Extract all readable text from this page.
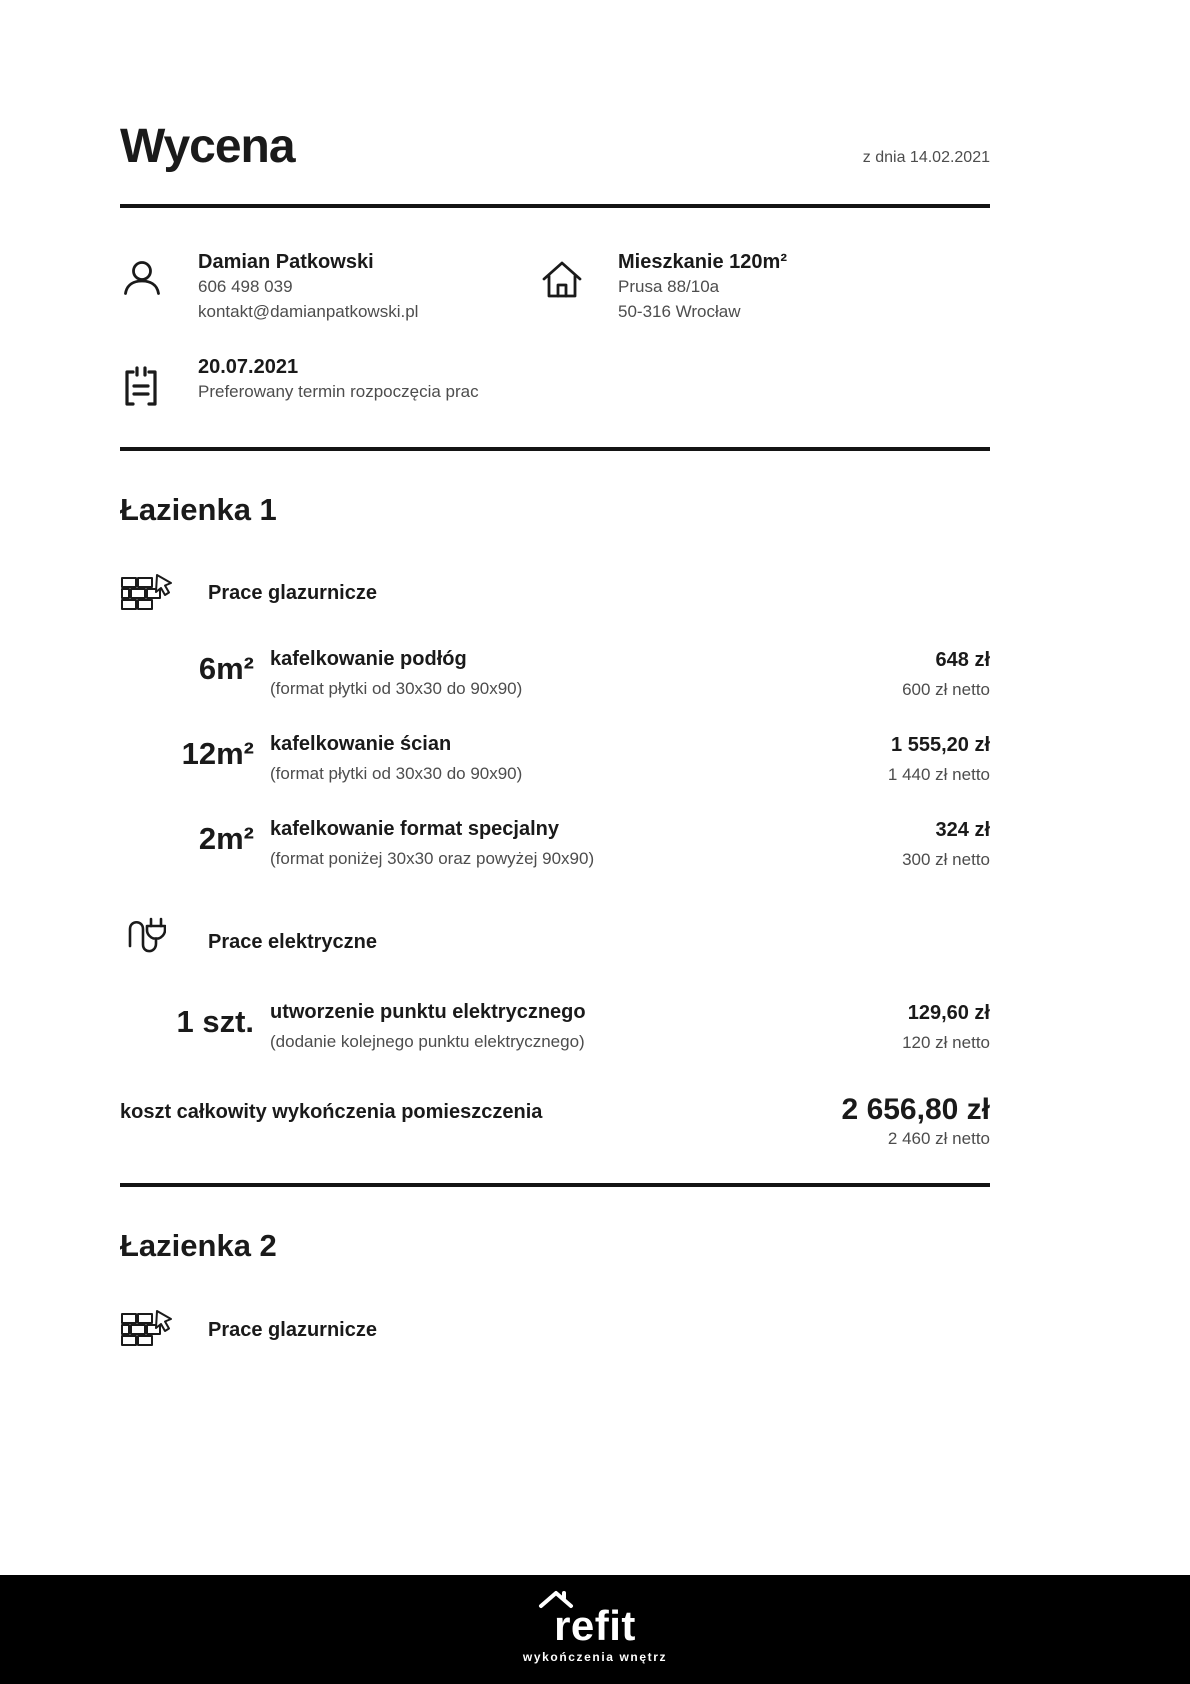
Wycena	z dnia 14.02.2021
Damian Patkowski
606 498 039
kontakt@damianpatkowski.pl
Mieszkanie 120m²
Prusa 88/10a
50-316 Wrocław
20.07.2021
Preferowany termin rozpoczęcia prac
Łazienka 1
Prace glazurnicze
6m² kafelkowanie podłóg
(format płytki od 30x30 do 90x90)
648 zł
600 zł netto
12m² kafelkowanie ścian
(format płytki od 30x30 do 90x90)
1 555,20 zł
1 440 zł netto
2m² kafelkowanie format specjalny
(format poniżej 30x30 oraz powyżej 90x90)
324 zł
300 zł netto
Prace elektryczne
1 szt. utworzenie punktu elektrycznego
(dodanie kolejnego punktu elektrycznego)
129,60 zł
120 zł netto
koszt całkowity wykończenia pomieszczenia	2 656,80 zł
2 460 zł netto
Łazienka 2
Prace glazurnicze
refit
wykończenia wnętrz
